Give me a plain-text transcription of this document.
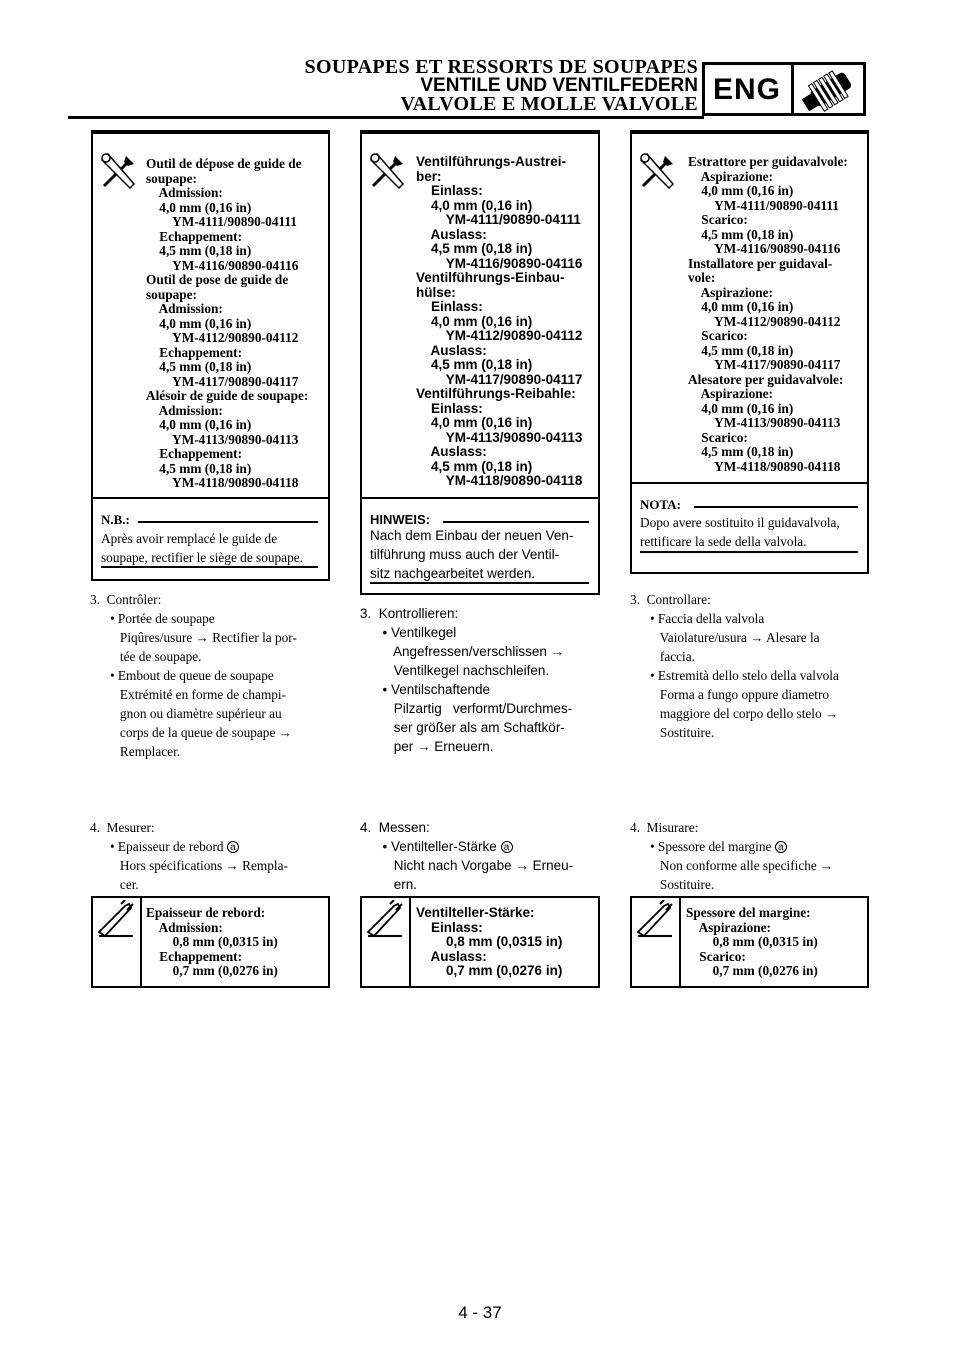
SOUPAPES ET RESSORTS DE SOUPAPES
VENTILE UND VENTILFEDERN
VALVOLE E MOLLE VALVOLE ENG
Outil de dépose de guide de
soupape:
Admission:
4,0 mm (0,16 in)
YM-4111/90890-04111
Echappement:
4,5 mm (0,18 in)
YM-4116/90890-04116
Outil de pose de guide de
soupape:
Admission:
4,0 mm (0,16 in)
YM-4112/90890-04112
Echappement:
4,5 mm (0,18 in)
YM-4117/90890-04117
Alésoir de guide de soupape:
Admission:
4,0 mm (0,16 in)
YM-4113/90890-04113
Echappement:
4,5 mm (0,18 in)
YM-4118/90890-04118
N.B.:
Après avoir remplacé le guide de
soupape, rectifier le siège de soupape.
3.  Contrôler:
• Portée de soupape
Piqûres/usure → Rectifier la por-
tée de soupape.
• Embout de queue de soupape
Extrémité en forme de champi-
gnon ou diamètre supérieur au
corps de la queue de soupape →
Remplacer.
4.  Mesurer:
• Epaisseur de rebord a
Hors spécifications → Rempla-
cer.
Epaisseur de rebord:
Admission:
0,8 mm (0,0315 in)
Echappement:
0,7 mm (0,0276 in)
Ventilführungs-Austrei-
ber:
Einlass:
4,0 mm (0,16 in)
YM-4111/90890-04111
Auslass:
4,5 mm (0,18 in)
YM-4116/90890-04116
Ventilführungs-Einbau-
hülse:
Einlass:
4,0 mm (0,16 in)
YM-4112/90890-04112
Auslass:
4,5 mm (0,18 in)
YM-4117/90890-04117
Ventilführungs-Reibahle:
Einlass:
4,0 mm (0,16 in)
YM-4113/90890-04113
Auslass:
4,5 mm (0,18 in)
YM-4118/90890-04118
HINWEIS:
Nach dem Einbau der neuen Ven-
tilführung muss auch der Ventil-
sitz nachgearbeitet werden.
3.  Kontrollieren:
• Ventilkegel
Angefressen/verschlissen →
Ventilkegel nachschleifen.
• Ventilschaftende
Pilzartig   verformt/Durchmes-
ser größer als am Schaftkör-
per → Erneuern.
4.  Messen:
• Ventilteller-Stärke a
Nicht nach Vorgabe → Erneu-
ern.
Ventilteller-Stärke:
Einlass:
0,8 mm (0,0315 in)
Auslass:
0,7 mm (0,0276 in)
Estrattore per guidavalvole:
Aspirazione:
4,0 mm (0,16 in)
YM-4111/90890-04111
Scarico:
4,5 mm (0,18 in)
YM-4116/90890-04116
Installatore per guidaval-
vole:
Aspirazione:
4,0 mm (0,16 in)
YM-4112/90890-04112
Scarico:
4,5 mm (0,18 in)
YM-4117/90890-04117
Alesatore per guidavalvole:
Aspirazione:
4,0 mm (0,16 in)
YM-4113/90890-04113
Scarico:
4,5 mm (0,18 in)
YM-4118/90890-04118
NOTA:
Dopo avere sostituito il guidavalvola,
rettificare la sede della valvola.
3.  Controllare:
• Faccia della valvola
Vaiolature/usura → Alesare la
faccia.
• Estremità dello stelo della valvola
Forma a fungo oppure diametro
maggiore del corpo dello stelo →
Sostituire.
4.  Misurare:
• Spessore del margine a
Non conforme alle specifiche →
Sostituire.
Spessore del margine:
Aspirazione:
0,8 mm (0,0315 in)
Scarico:
0,7 mm (0,0276 in)
4 - 37
